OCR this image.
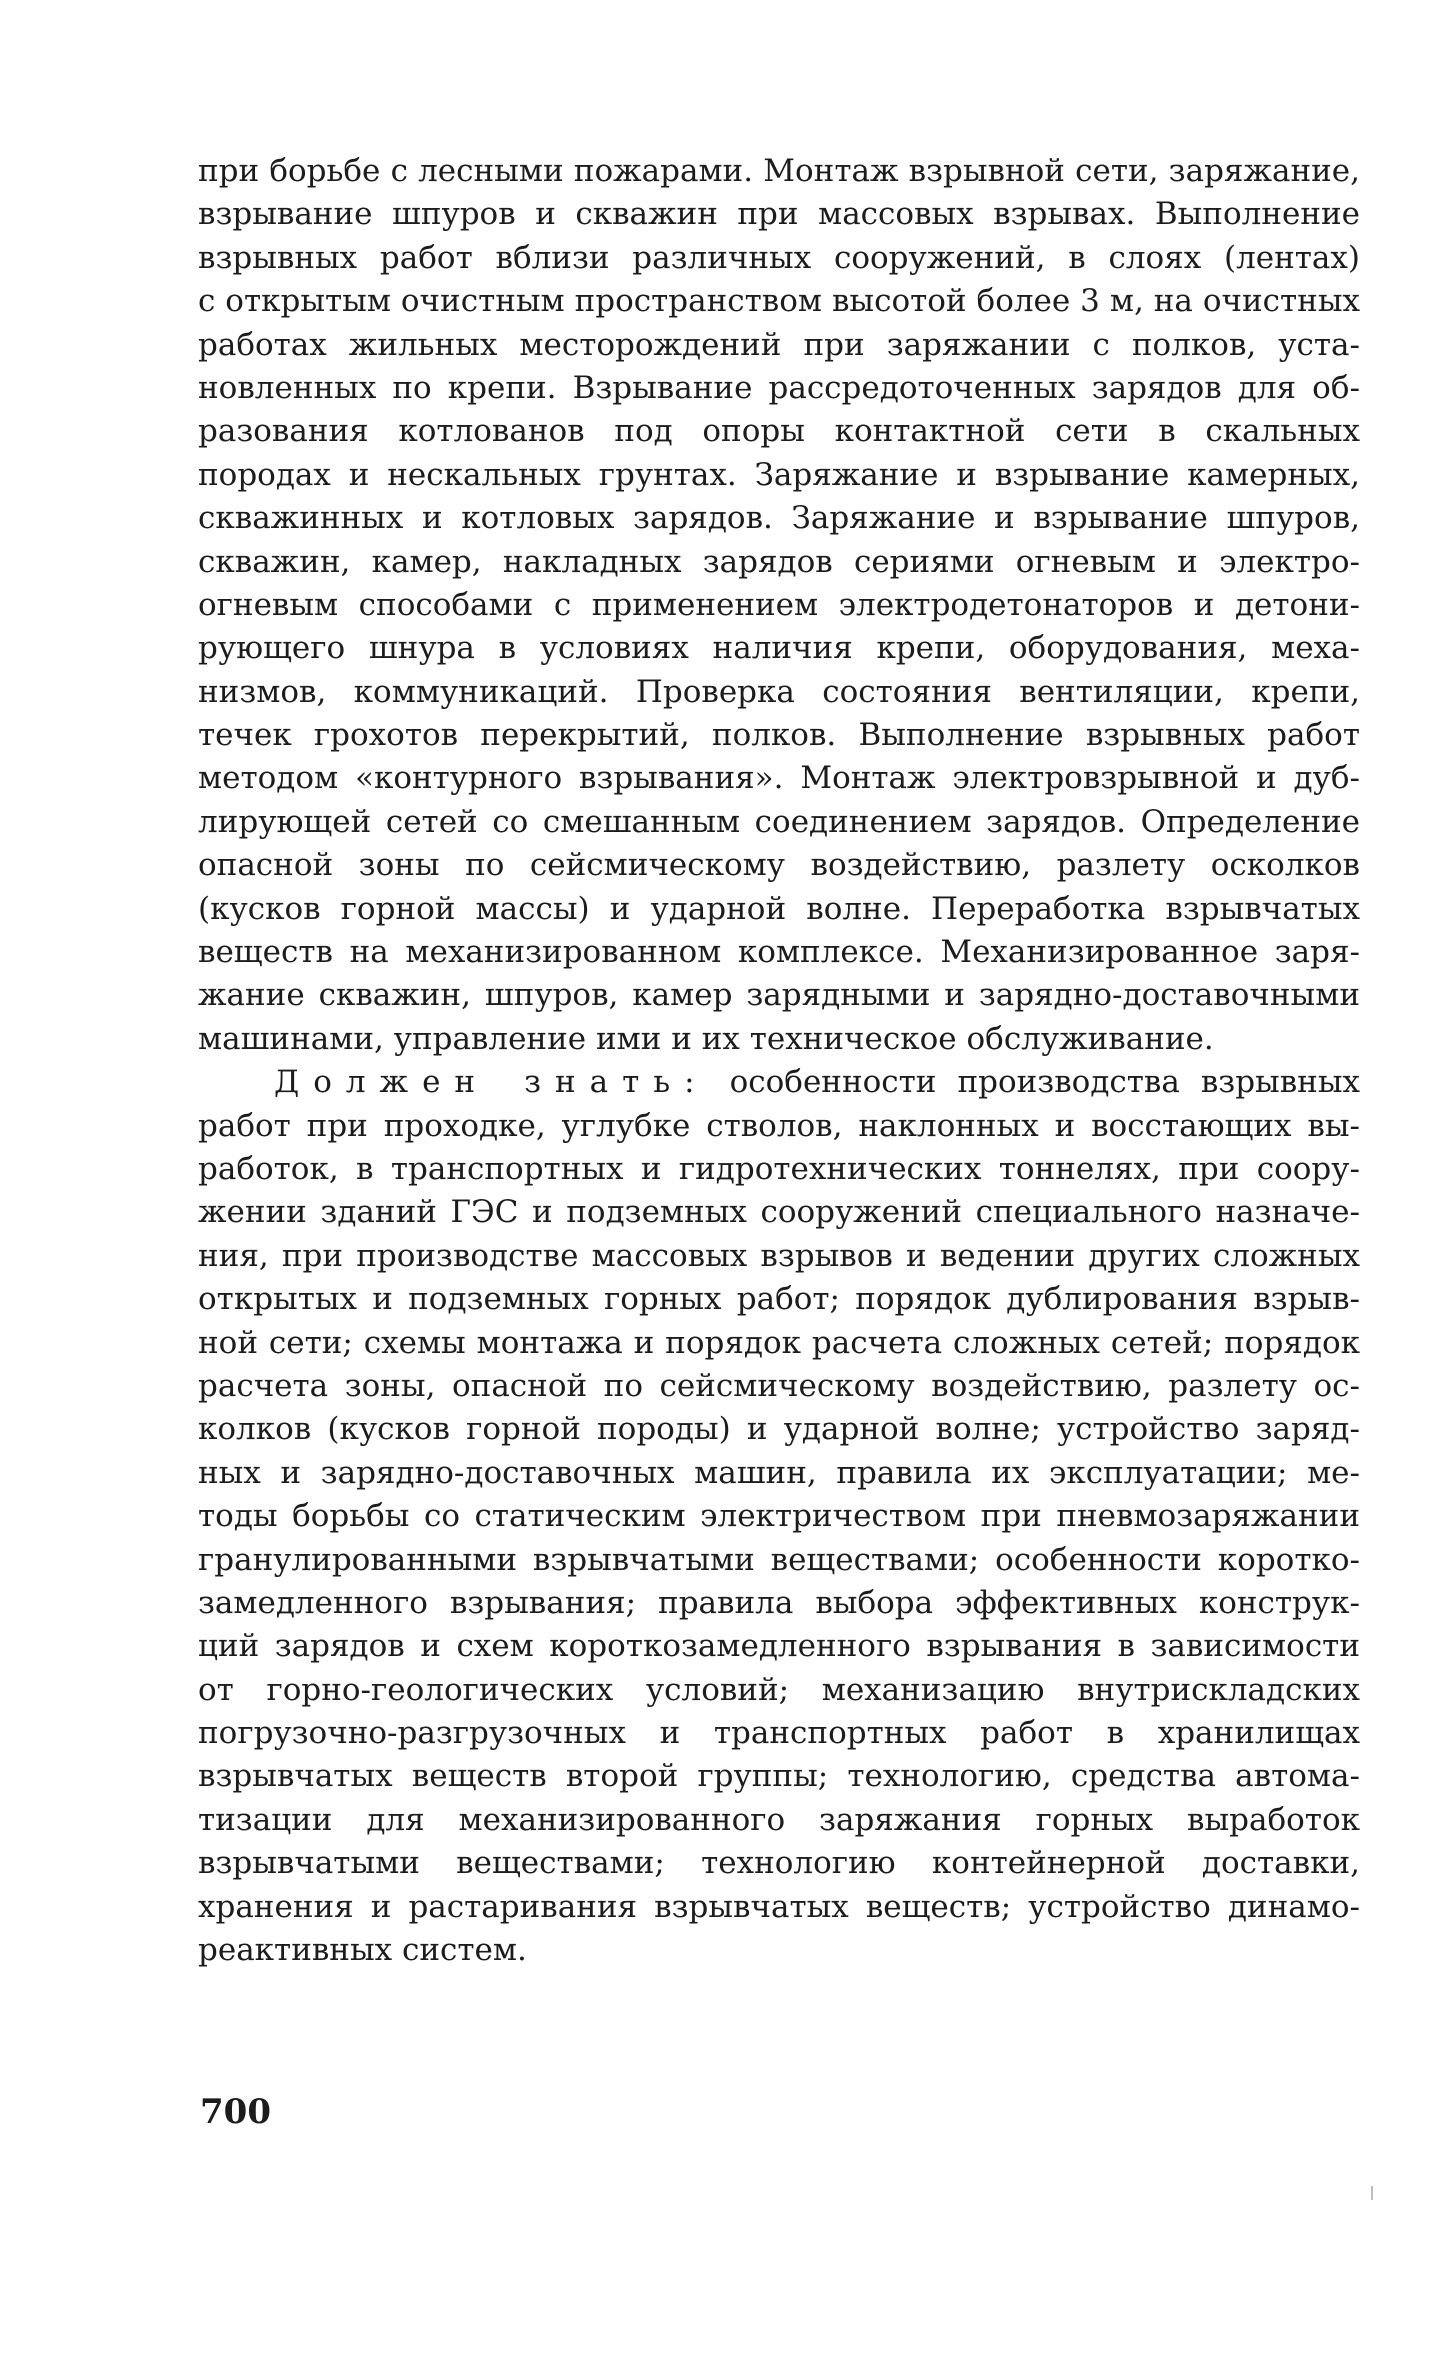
при борьбе с лесными пожарами. Монтаж взрывной сети, заряжание,
взрывание шпуров и скважин при массовых взрывах. Выполнение
взрывных работ вблизи различных сооружений, в слоях (лентах)
с открытым очистным пространством высотой более 3 м, на очистных
работах жильных месторождений при заряжании с полков, уста-
новленных по крепи. Взрывание рассредоточенных зарядов для об-
разования котлованов под опоры контактной сети в скальных
породах и нескальных грунтах. Заряжание и взрывание камерных,
скважинных и котловых зарядов. Заряжание и взрывание шпуров,
скважин, камер, накладных зарядов сериями огневым и электро-
огневым способами с применением электродетонаторов и детони-
рующего шнура в условиях наличия крепи, оборудования, меха-
низмов, коммуникаций. Проверка состояния вентиляции, крепи,
течек грохотов перекрытий, полков. Выполнение взрывных работ
методом «контурного взрывания». Монтаж электровзрывной и дуб-
лирующей сетей со смешанным соединением зарядов. Определение
опасной зоны по сейсмическому воздействию, разлету осколков
(кусков горной массы) и ударной волне. Переработка взрывчатых
веществ на механизированном комплексе. Механизированное заря-
жание скважин, шпуров, камер зарядными и зарядно-доставочными
машинами, управление ими и их техническое обслуживание.
Должен знать: особенности производства взрывных
работ при проходке, углубке стволов, наклонных и восстающих вы-
работок, в транспортных и гидротехнических тоннелях, при соору-
жении зданий ГЭС и подземных сооружений специального назначе-
ния, при производстве массовых взрывов и ведении других сложных
открытых и подземных горных работ; порядок дублирования взрыв-
ной сети; схемы монтажа и порядок расчета сложных сетей; порядок
расчета зоны, опасной по сейсмическому воздействию, разлету ос-
колков (кусков горной породы) и ударной волне; устройство заряд-
ных и зарядно-доставочных машин, правила их эксплуатации; ме-
тоды борьбы со статическим электричеством при пневмозаряжании
гранулированными взрывчатыми веществами; особенности коротко-
замедленного взрывания; правила выбора эффективных конструк-
ций зарядов и схем короткозамедленного взрывания в зависимости
от горно-геологических условий; механизацию внутрискладских
погрузочно-разгрузочных и транспортных работ в хранилищах
взрывчатых веществ второй группы; технологию, средства автома-
тизации для механизированного заряжания горных выработок
взрывчатыми веществами; технологию контейнерной доставки,
хранения и растаривания взрывчатых веществ; устройство динамо-
реактивных систем.
700
